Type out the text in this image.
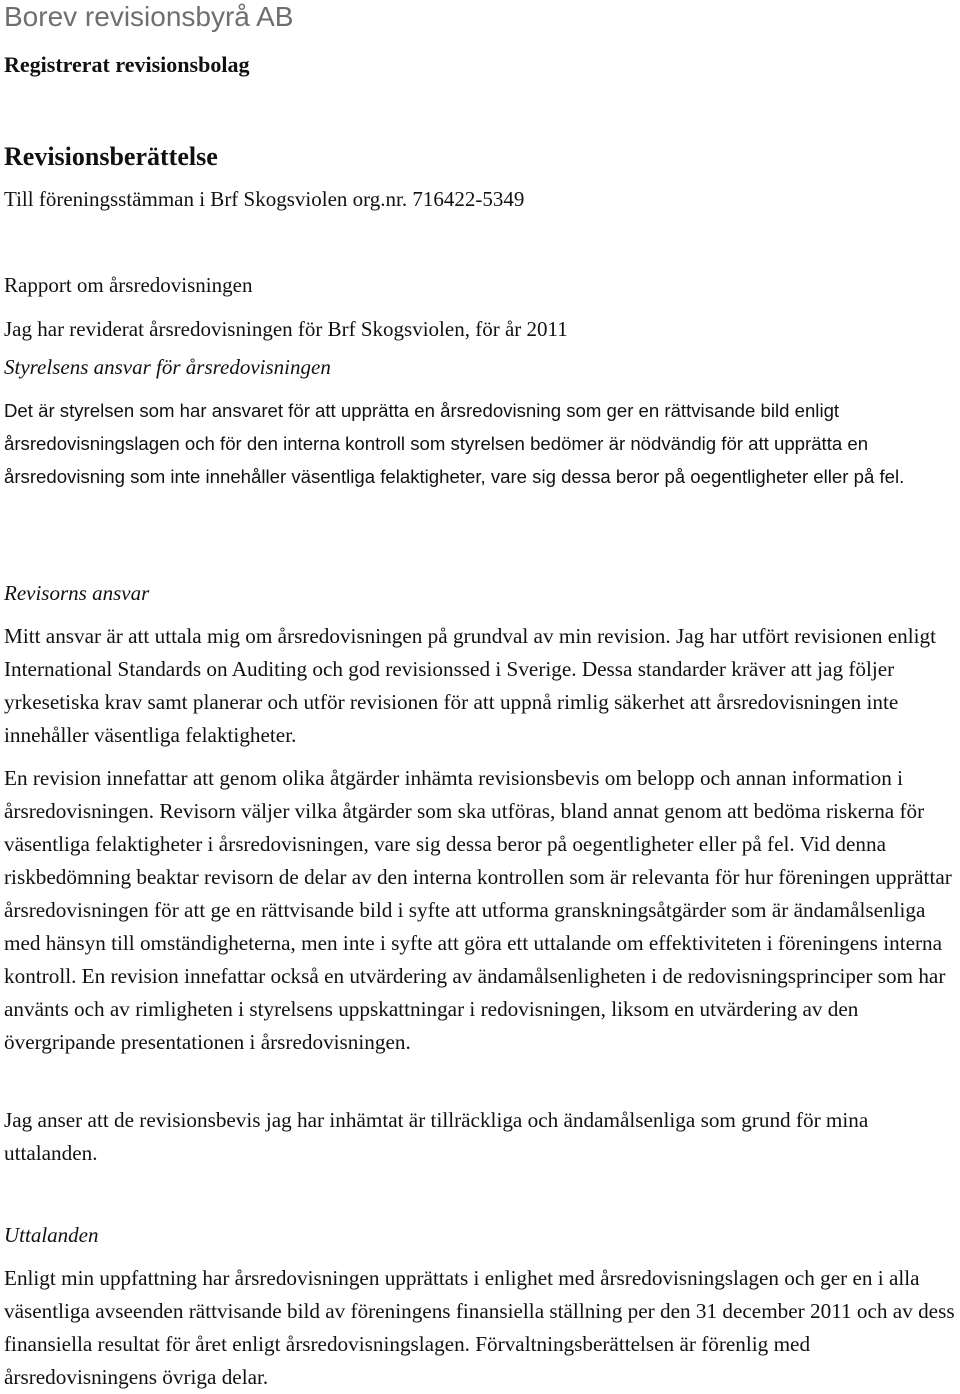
Borev revisionsbyrå AB
Registrerat revisionsbolag
Revisionsberättelse
Till föreningsstämman i Brf Skogsviolen org.nr. 716422-5349
Rapport om årsredovisningen
Jag har reviderat årsredovisningen för Brf Skogsviolen, för år 2011
Styrelsens ansvar för årsredovisningen

Det är styrelsen som har ansvaret för att upprätta en årsredovisning som ger en rättvisande bild enligt årsredovisningslagen och för den interna kontroll som styrelsen bedömer är nödvändig för att upprätta en årsredovisning som inte innehåller väsentliga felaktigheter, vare sig dessa beror på oegentligheter eller på fel.

Revisorns ansvar

Mitt ansvar är att uttala mig om årsredovisningen på grundval av min revision. Jag har utfört revisionen enligt International Standards on Auditing och god revisionssed i Sverige. Dessa standarder kräver att jag följer yrkesetiska krav samt planerar och utför revisionen för att uppnå rimlig säkerhet att årsredovisningen inte innehåller väsentliga felaktigheter.

En revision innefattar att genom olika åtgärder inhämta revisionsbevis om belopp och annan information i årsredovisningen. Revisorn väljer vilka åtgärder som ska utföras, bland annat genom att bedöma riskerna för väsentliga felaktigheter i årsredovisningen, vare sig dessa beror på oegentligheter eller på fel. Vid denna riskbedömning beaktar revisorn de delar av den interna kontrollen som är relevanta för hur föreningen upprättar årsredovisningen för att ge en rättvisande bild i syfte att utforma granskningsåtgärder som är ändamålsenliga med hänsyn till omständigheterna, men inte i syfte att göra ett uttalande om effektiviteten i föreningens interna kontroll. En revision innefattar också en utvärdering av ändamålsenligheten i de redovisningsprinciper som har använts och av rimligheten i styrelsens uppskattningar i redovisningen, liksom en utvärdering av den övergripande presentationen i årsredovisningen.

Jag anser att de revisionsbevis jag har inhämtat är tillräckliga och ändamålsenliga som grund för mina uttalanden.

Uttalanden

Enligt min uppfattning har årsredovisningen upprättats i enlighet med årsredovisningslagen och ger en i alla väsentliga avseenden rättvisande bild av föreningens finansiella ställning per den 31 december 2011 och av dess finansiella resultat för året enligt årsredovisningslagen. Förvaltningsberättelsen är förenlig med årsredovisningens övriga delar.
